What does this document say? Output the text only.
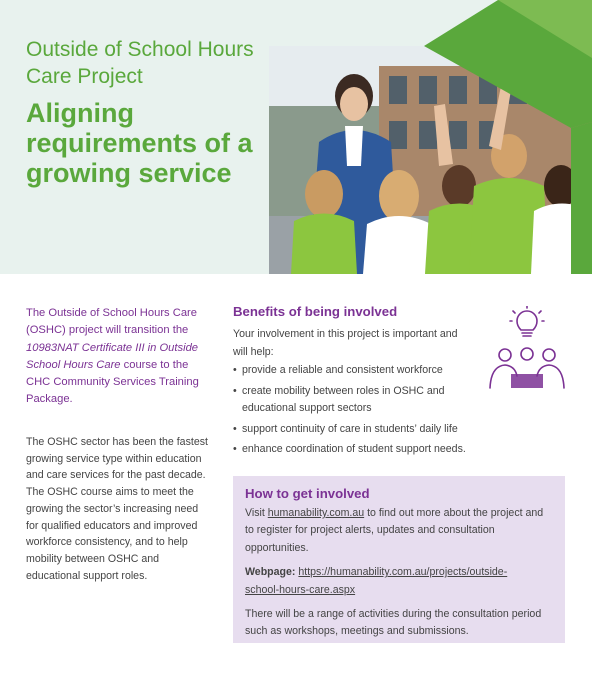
Outside of School Hours Care Project
Aligning requirements of a growing service
The Outside of School Hours Care (OSHC) project will transition the 10983NAT Certificate III in Outside School Hours Care course to the CHC Community Services Training Package.
The OSHC sector has been the fastest growing service type within education and care services for the past decade. The OSHC course aims to meet the growing the sector’s increasing need for qualified educators and improved workforce consistency, and to help mobility between OSHC and educational support roles.
Benefits of being involved
Your involvement in this project is important and will help:
• provide a reliable and consistent workforce
• create mobility between roles in OSHC and educational support sectors
• support continuity of care in students’ daily life
• enhance coordination of student support needs.
How to get involved

Visit humanability.com.au to find out more about the project and to register for project alerts, updates and consultation opportunities.

Webpage: https://humanability.com.au/projects/outside-school-hours-care.aspx

There will be a range of activities during the consultation period such as workshops, meetings and submissions.
